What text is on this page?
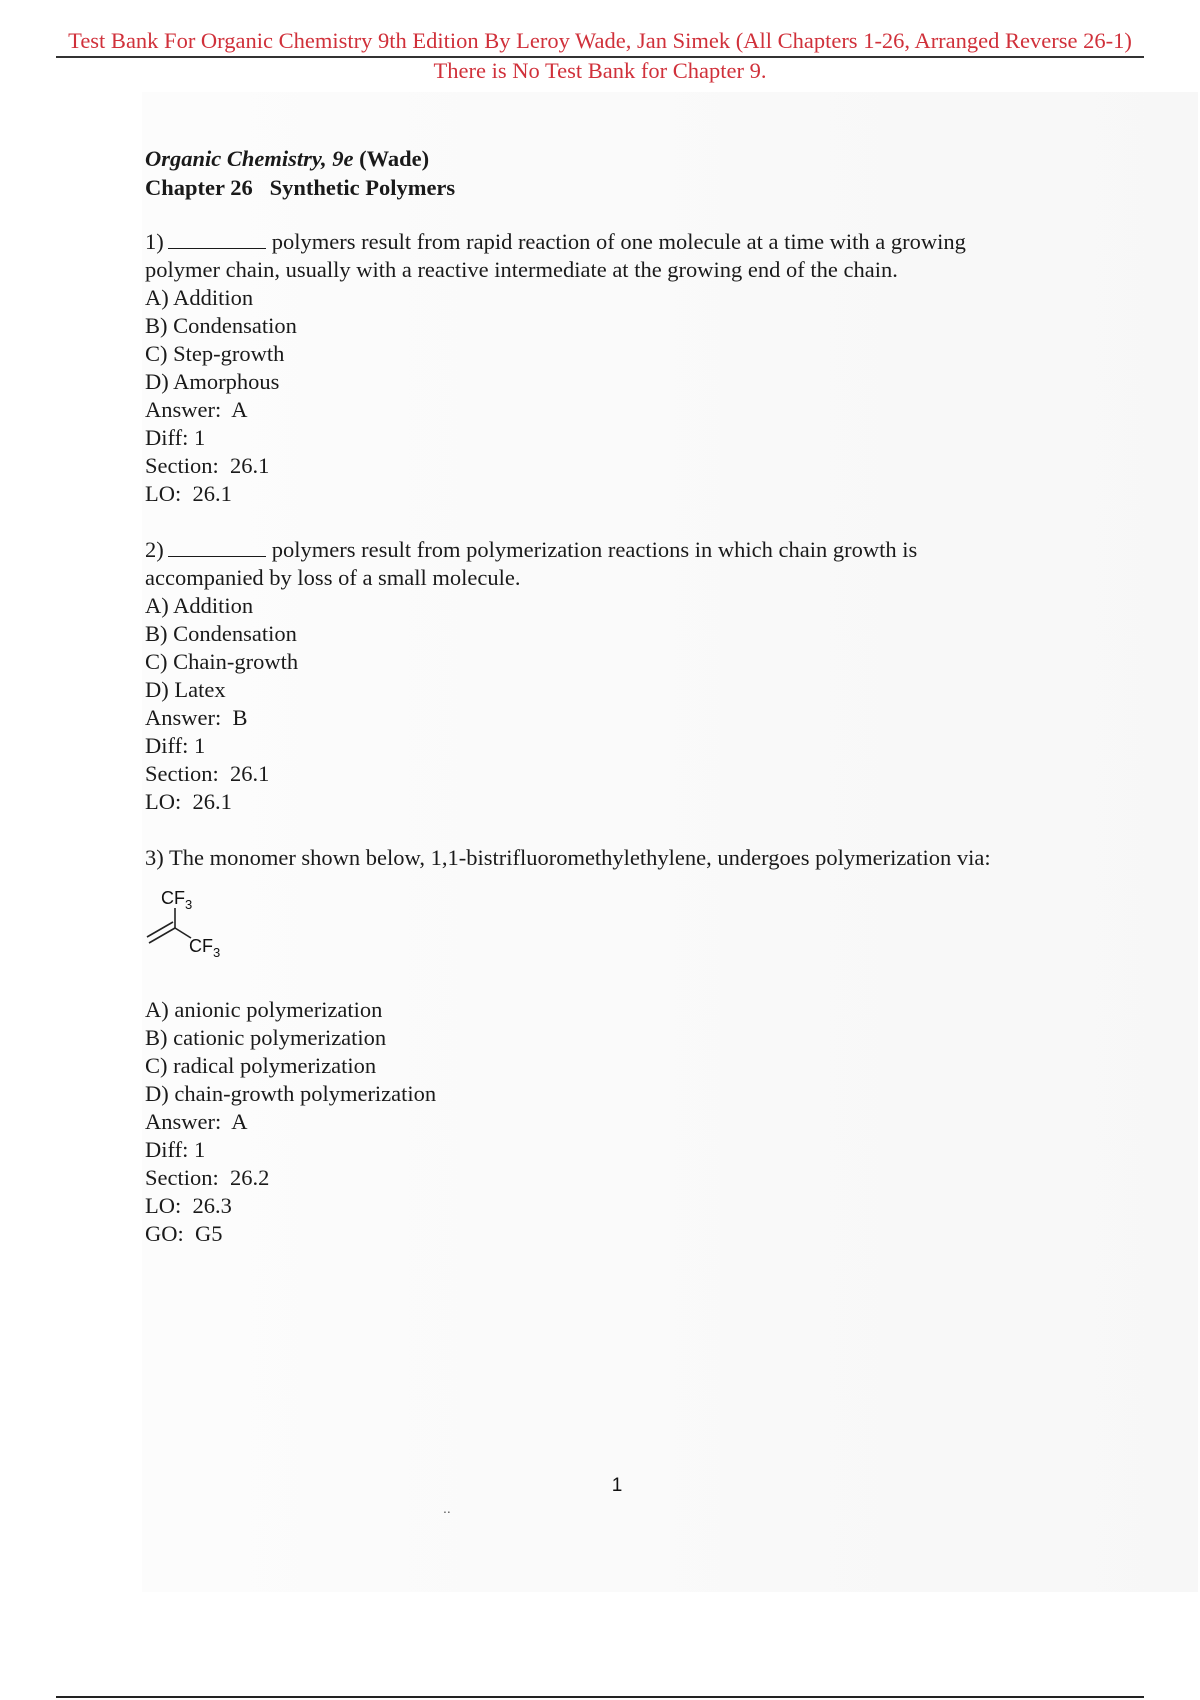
Test Bank For Organic Chemistry 9th Edition By Leroy Wade, Jan Simek (All Chapters 1-26, Arranged Reverse 26-1)
There is No Test Bank for Chapter 9.
Organic Chemistry, 9e (Wade)
Chapter 26   Synthetic Polymers
1)	polymers result from rapid reaction of one molecule at a time with a growing
polymer chain, usually with a reactive intermediate at the growing end of the chain.
A) Addition
B) Condensation
C) Step-growth
D) Amorphous
Answer:  A
Diff: 1
Section:  26.1
LO:  26.1
2)	polymers result from polymerization reactions in which chain growth is
accompanied by loss of a small molecule.
A) Addition
B) Condensation
C) Chain-growth
D) Latex
Answer:  B
Diff: 1
Section:  26.1
LO:  26.1
3) The monomer shown below, 1,1-bistrifluoromethylethylene, undergoes polymerization via:
$CF_3$
$CF_3$
A) anionic polymerization
B) cationic polymerization
C) radical polymerization
D) chain-growth polymerization
Answer:  A
Diff: 1
Section:  26.2
LO:  26.3
GO:  G5
1
..
